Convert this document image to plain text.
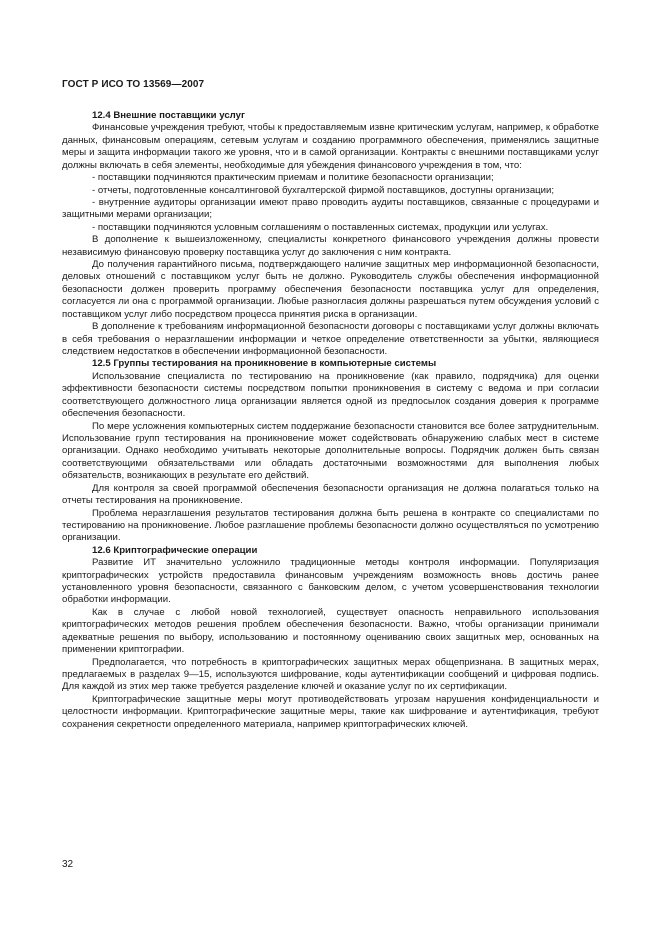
ГОСТ Р ИСО ТО 13569—2007

12.4 Внешние поставщики услуг

Финансовые учреждения требуют, чтобы к предоставляемым извне критическим услугам, например, к обработке данных, финансовым операциям, сетевым услугам и созданию программного обеспечения, применялись защитные меры и защита информации такого же уровня, что и в самой организации. Контракты с внешними поставщиками услуг должны включать в себя элементы, необходимые для убеждения финансового учреждения в том, что:

- поставщики подчиняются практическим приемам и политике безопасности организации;

- отчеты, подготовленные консалтинговой бухгалтерской фирмой поставщиков, доступны организации;

- внутренние аудиторы организации имеют право проводить аудиты поставщиков, связанные с процедурами и защитными мерами организации;

- поставщики подчиняются условным соглашениям о поставленных системах, продукции или услугах.

В дополнение к вышеизложенному, специалисты конкретного финансового учреждения должны провести независимую финансовую проверку поставщика услуг до заключения с ним контракта.

До получения гарантийного письма, подтверждающего наличие защитных мер информационной безопасности, деловых отношений с поставщиком услуг быть не должно. Руководитель службы обеспечения информационной безопасности должен проверить программу обеспечения безопасности поставщика услуг для определения, согласуется ли она с программой организации. Любые разногласия должны разрешаться путем обсуждения условий с поставщиком услуг либо посредством процесса принятия риска в организации.

В дополнение к требованиям информационной безопасности договоры с поставщиками услуг должны включать в себя требования о неразглашении информации и четкое определение ответственности за убытки, являющиеся следствием недостатков в обеспечении информационной безопасности.

12.5 Группы тестирования на проникновение в компьютерные системы

Использование специалиста по тестированию на проникновение (как правило, подрядчика) для оценки эффективности безопасности системы посредством попытки проникновения в систему с ведома и при согласии соответствующего должностного лица организации является одной из предпосылок создания доверия к программе обеспечения безопасности.

По мере усложнения компьютерных систем поддержание безопасности становится все более затруднительным. Использование групп тестирования на проникновение может содействовать обнаружению слабых мест в системе организации. Однако необходимо учитывать некоторые дополнительные вопросы. Подрядчик должен быть связан соответствующими обязательствами или обладать достаточными возможностями для выполнения любых обязательств, возникающих в результате его действий.

Для контроля за своей программой обеспечения безопасности организация не должна полагаться только на отчеты тестирования на проникновение.

Проблема неразглашения результатов тестирования должна быть решена в контракте со специалистами по тестированию на проникновение. Любое разглашение проблемы безопасности должно осуществляться по усмотрению организации.

12.6 Криптографические операции

Развитие ИТ значительно усложнило традиционные методы контроля информации. Популяризация криптографических устройств предоставила финансовым учреждениям возможность вновь достичь ранее установленного уровня безопасности, связанного с банковским делом, с учетом усовершенствования технологии обработки информации.

Как в случае с любой новой технологией, существует опасность неправильного использования криптографических методов решения проблем обеспечения безопасности. Важно, чтобы организации принимали адекватные решения по выбору, использованию и постоянному оцениванию своих защитных мер, основанных на применении криптографии.

Предполагается, что потребность в криптографических защитных мерах общепризнана. В защитных мерах, предлагаемых в разделах 9—15, используются шифрование, коды аутентификации сообщений и цифровая подпись. Для каждой из этих мер также требуется разделение ключей и оказание услуг по их сертификации.

Криптографические защитные меры могут противодействовать угрозам нарушения конфиденциальности и целостности информации. Криптографические защитные меры, такие как шифрование и аутентификация, требуют сохранения секретности определенного материала, например криптографических ключей.

32
